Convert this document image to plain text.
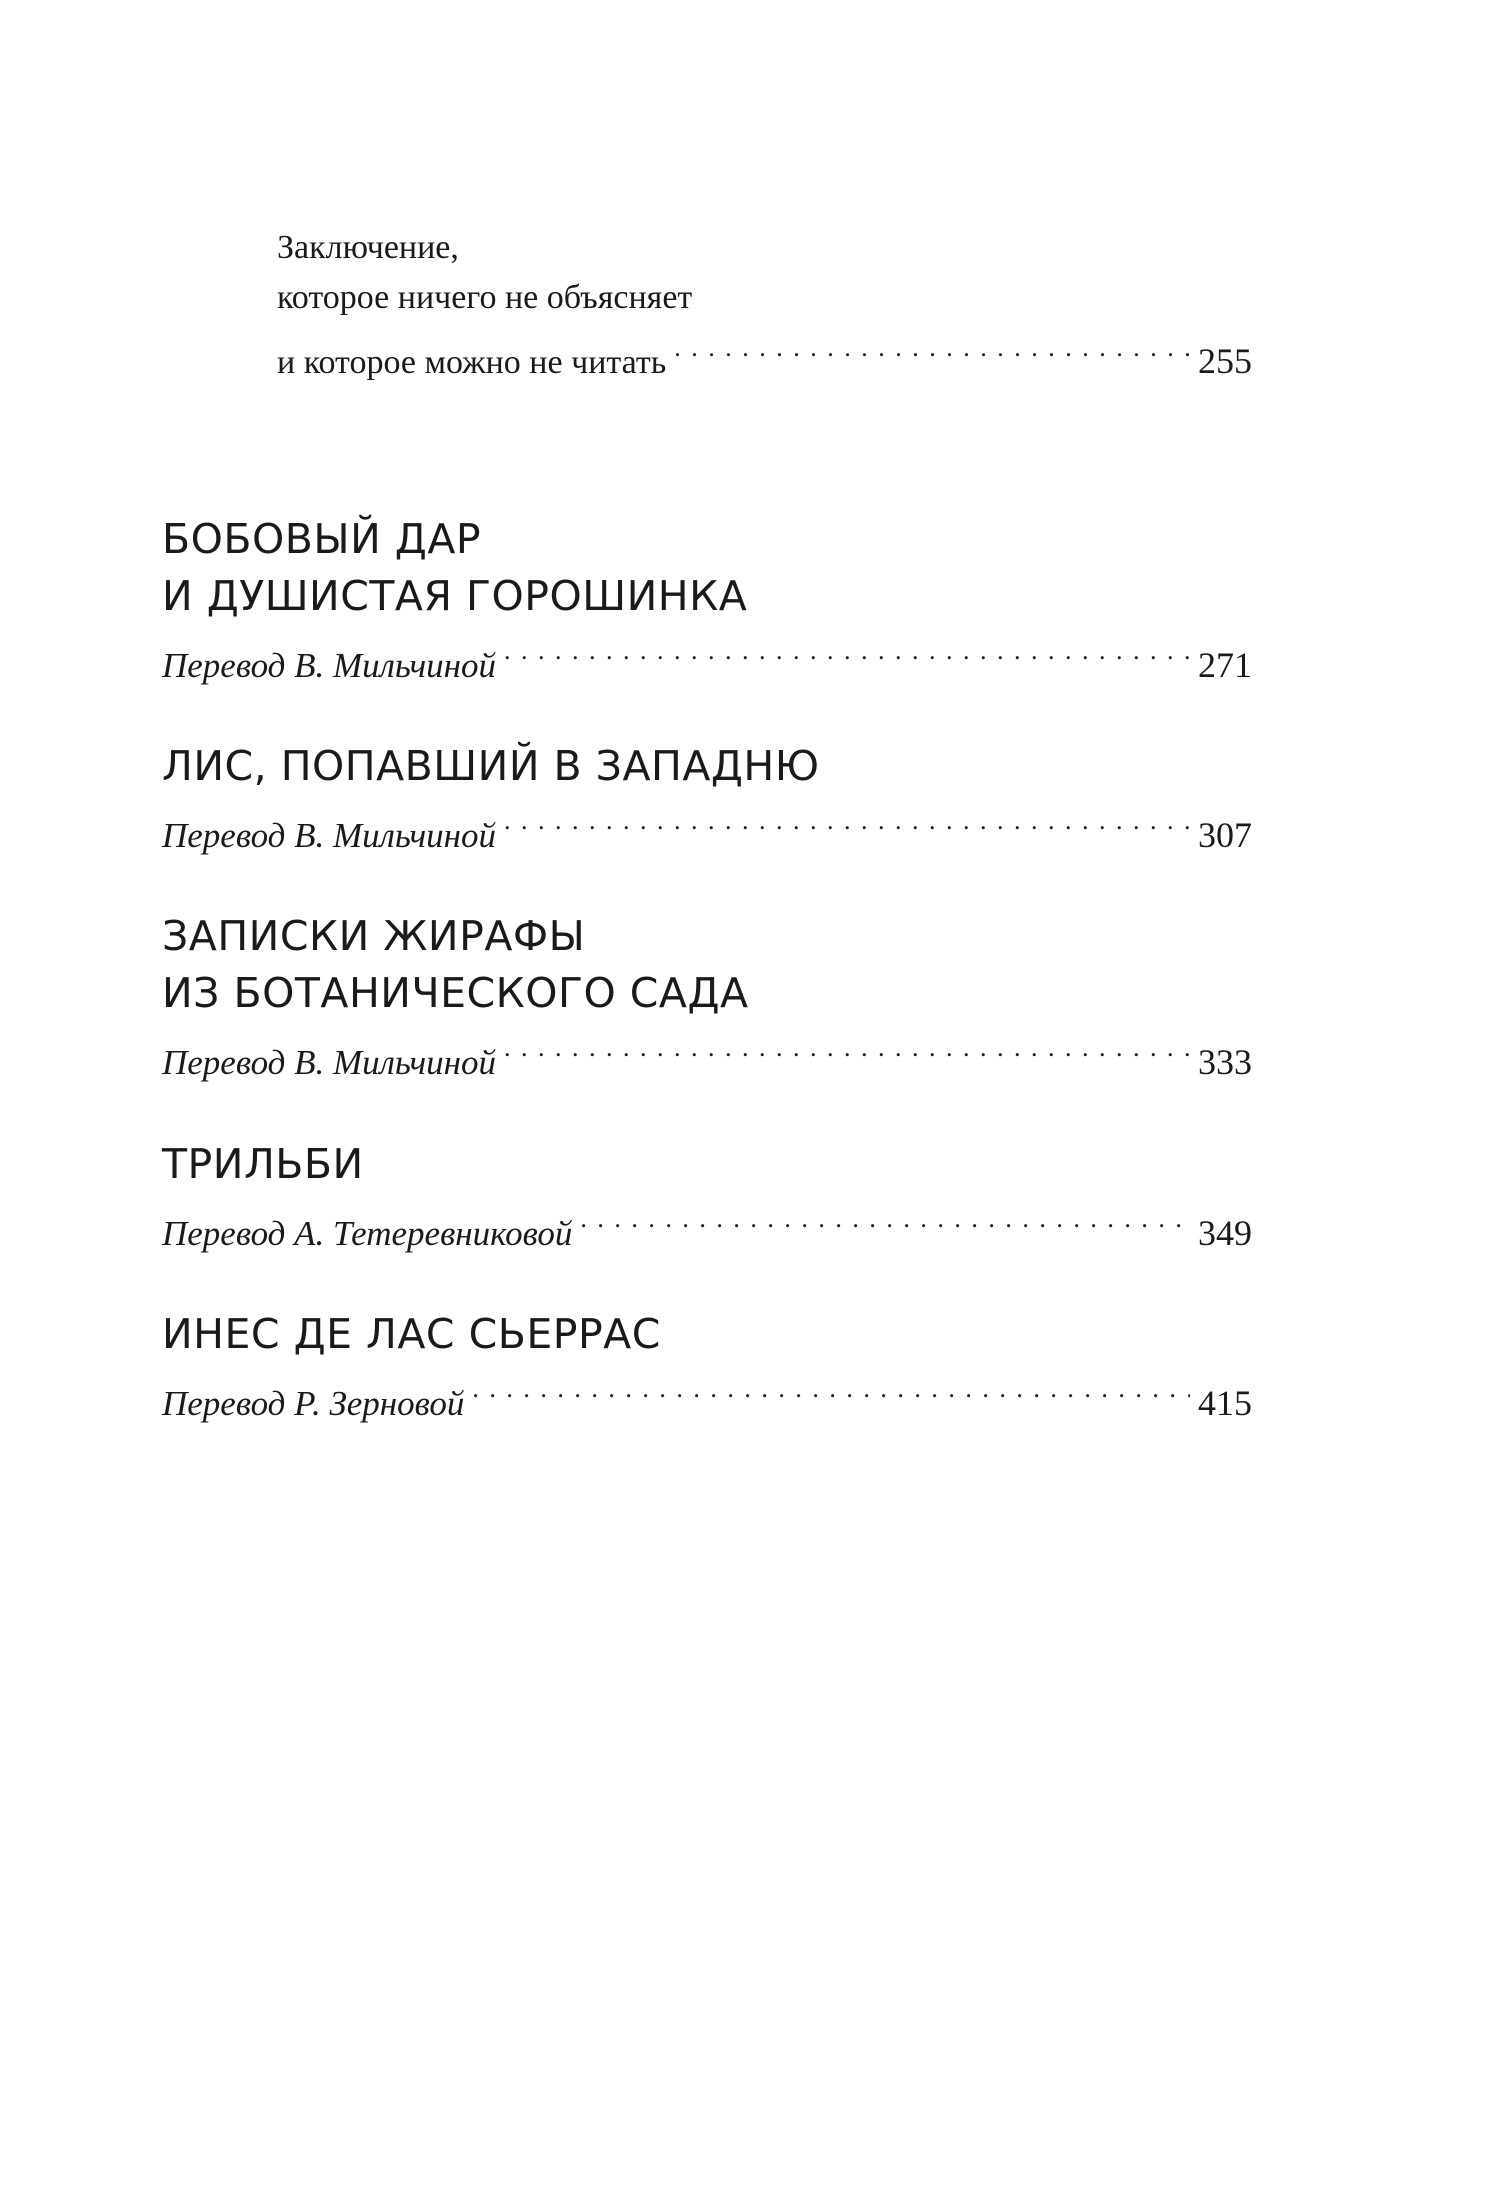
Заключение,
которое ничего не объясняет
и которое можно не читать . . .	255
БОБОВЫЙ ДАР
И ДУШИСТАЯ ГОРОШИНКА
Перевод В. Мильчиной . . .	271
ЛИС, ПОПАВШИЙ В ЗАПАДНЮ
Перевод В. Мильчиной . . .	307
ЗАПИСКИ ЖИРАФЫ
ИЗ БОТАНИЧЕСКОГО САДА
Перевод В. Мильчиной . . .	333
ТРИЛЬБИ
Перевод А. Тетеревниковой . . .	349
ИНЕС ДЕ ЛАС СЬЕРРАС
Перевод Р. Зерновой . . .	415
